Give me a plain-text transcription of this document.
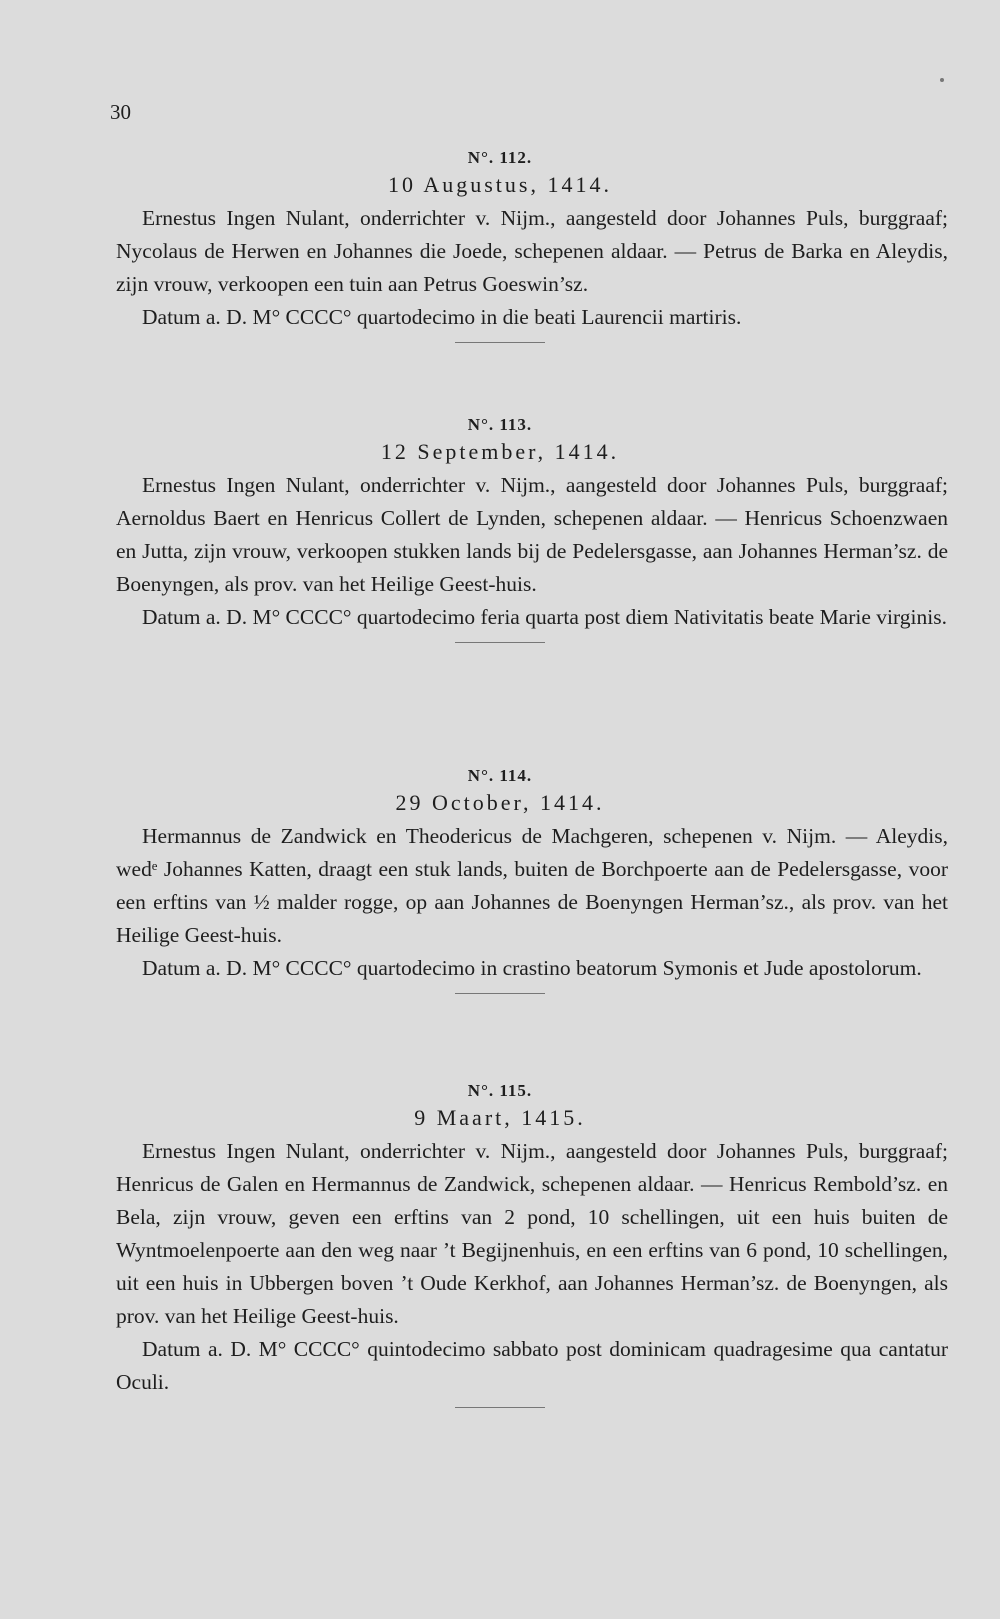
30
N°. 112.
10 Augustus, 1414.

Ernestus Ingen Nulant, onderrichter v. Nijm., aangesteld door Johannes Puls, burggraaf; Nycolaus de Herwen en Johannes die Joede, schepenen aldaar. — Petrus de Barka en Aleydis, zijn vrouw, verkoopen een tuin aan Petrus Goeswin’sz.

Datum a. D. M° CCCC° quartodecimo in die beati Laurencii martiris.

N°. 113.
12 September, 1414.

Ernestus Ingen Nulant, onderrichter v. Nijm., aangesteld door Johannes Puls, burggraaf; Aernoldus Baert en Henricus Collert de Lynden, schepenen aldaar. — Henricus Schoenzwaen en Jutta, zijn vrouw, verkoopen stukken lands bij de Pedelersgasse, aan Johannes Herman’sz. de Boenyngen, als prov. van het Heilige Geest-huis.

Datum a. D. M° CCCC° quartodecimo feria quarta post diem Nativitatis beate Marie virginis.

N°. 114.
29 October, 1414.

Hermannus de Zandwick en Theodericus de Machgeren, schepenen v. Nijm. — Aleydis, wedᵉ Johannes Katten, draagt een stuk lands, buiten de Borchpoerte aan de Pedelersgasse, voor een erftins van ½ malder rogge, op aan Johannes de Boenyngen Herman’sz., als prov. van het Heilige Geest-huis.

Datum a. D. M° CCCC° quartodecimo in crastino beatorum Symonis et Jude apostolorum.

N°. 115.
9 Maart, 1415.

Ernestus Ingen Nulant, onderrichter v. Nijm., aangesteld door Johannes Puls, burggraaf; Henricus de Galen en Hermannus de Zandwick, schepenen aldaar. — Henricus Rembold’sz. en Bela, zijn vrouw, geven een erftins van 2 pond, 10 schellingen, uit een huis buiten de Wyntmoelenpoerte aan den weg naar ’t Begijnenhuis, en een erftins van 6 pond, 10 schellingen, uit een huis in Ubbergen boven ’t Oude Kerkhof, aan Johannes Herman’sz. de Boenyngen, als prov. van het Heilige Geest-huis.

Datum a. D. M° CCCC° quintodecimo sabbato post dominicam quadragesime qua cantatur Oculi.
